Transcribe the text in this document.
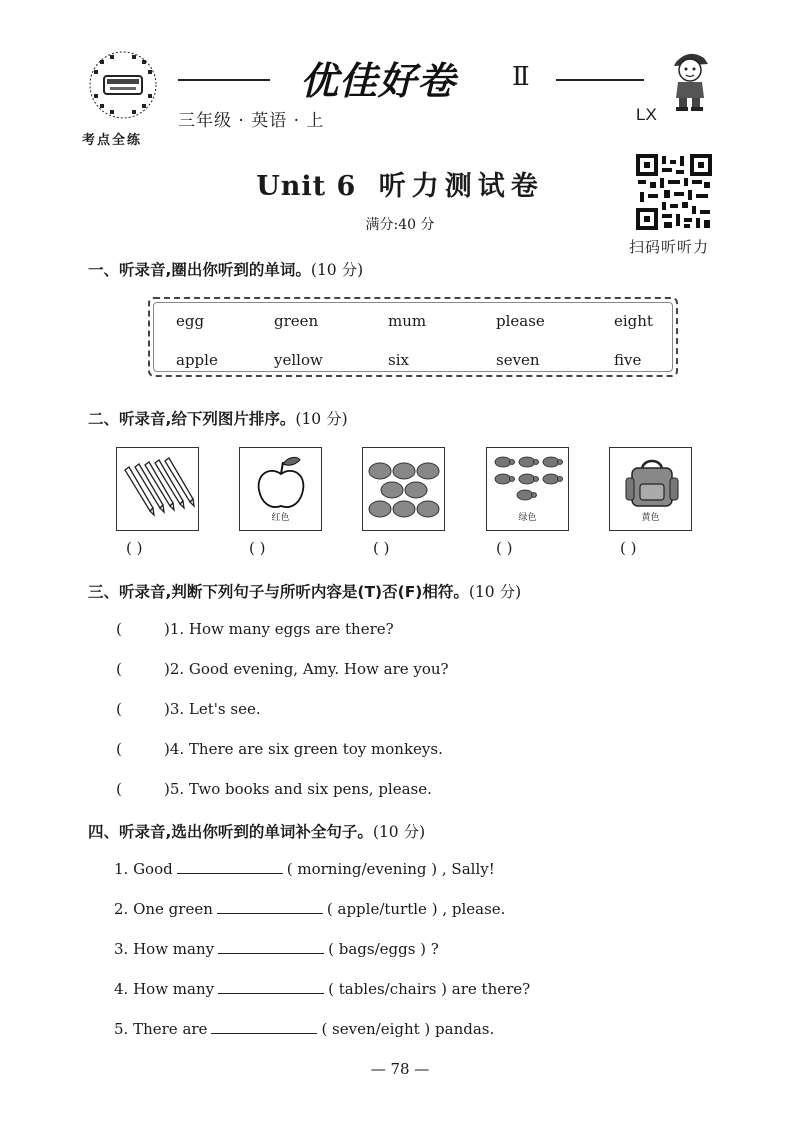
考点全练
优佳好卷 Ⅱ
三年级 · 英语 · 上	LX
扫码听听力
Unit 6 听力测试卷
满分:40 分
一、听录音,圈出你听到的单词。(10 分)
egg	green	mum	please	eight
apple	yellow	six	seven	five
二、听录音,给下列图片排序。(10 分)
红色	绿色	黄色
( )	( )	( )	( )	( )
三、听录音,判断下列句子与所听内容是(T)否(F)相符。(10 分)
(	)1. How many eggs are there?
(	)2. Good evening, Amy. How are you?
(	)3. Let's see.
(	)4. There are six green toy monkeys.
(	)5. Two books and six pens, please.
四、听录音,选出你听到的单词补全句子。(10 分)
1. Good	( morning/evening ) , Sally!
2. One green	( apple/turtle ) , please.
3. How many	( bags/eggs ) ?
4. How many	( tables/chairs ) are there?
5. There are	( seven/eight ) pandas.
— 78 —
